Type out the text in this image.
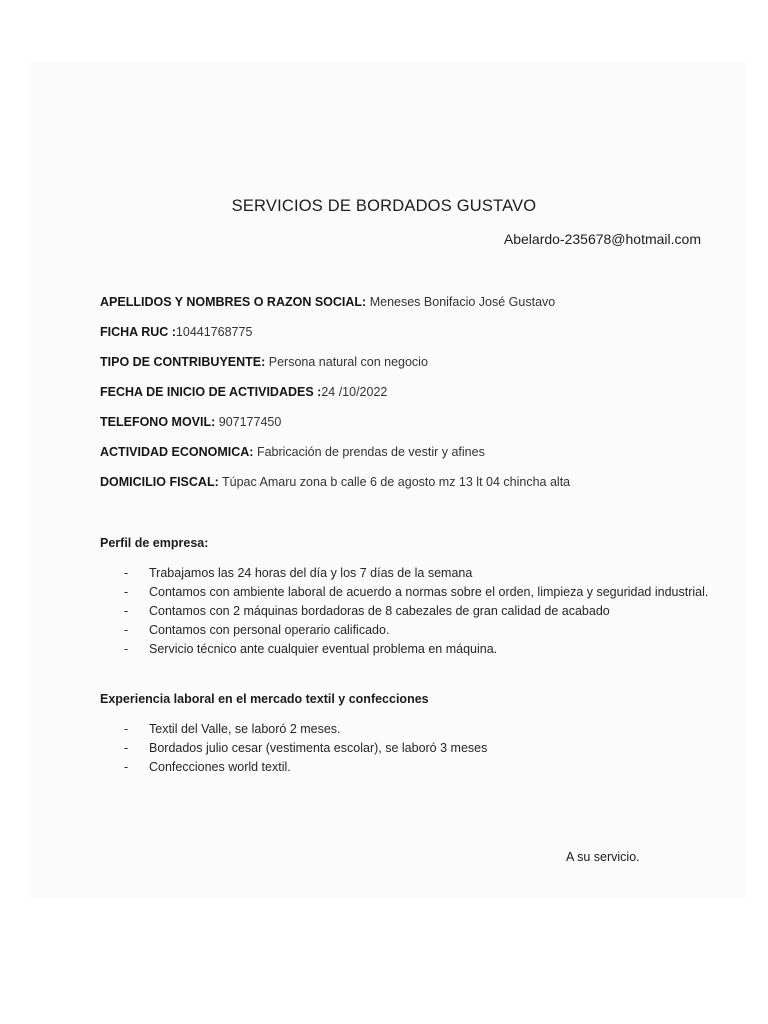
SERVICIOS DE BORDADOS GUSTAVO
Abelardo-235678@hotmail.com
APELLIDOS Y NOMBRES O RAZON SOCIAL: Meneses Bonifacio José Gustavo
FICHA RUC :10441768775
TIPO DE CONTRIBUYENTE: Persona natural con negocio
FECHA DE INICIO DE ACTIVIDADES :24 /10/2022
TELEFONO MOVIL: 907177450
ACTIVIDAD ECONOMICA: Fabricación de prendas de vestir y afines
DOMICILIO FISCAL: Túpac Amaru zona b calle 6 de agosto mz 13 lt 04 chincha alta
Perfil de empresa:
- Trabajamos las 24 horas del día y los 7 días de la semana
- Contamos con ambiente laboral de acuerdo a normas sobre el orden, limpieza y seguridad industrial.
- Contamos con 2 máquinas bordadoras de 8 cabezales de gran calidad de acabado
- Contamos con personal operario calificado.
- Servicio técnico ante cualquier eventual problema en máquina.
Experiencia laboral en el mercado textil y confecciones
- Textil del Valle, se laboró 2 meses.
- Bordados julio cesar (vestimenta escolar), se laboró 3 meses
- Confecciones world textil.
A su servicio.
